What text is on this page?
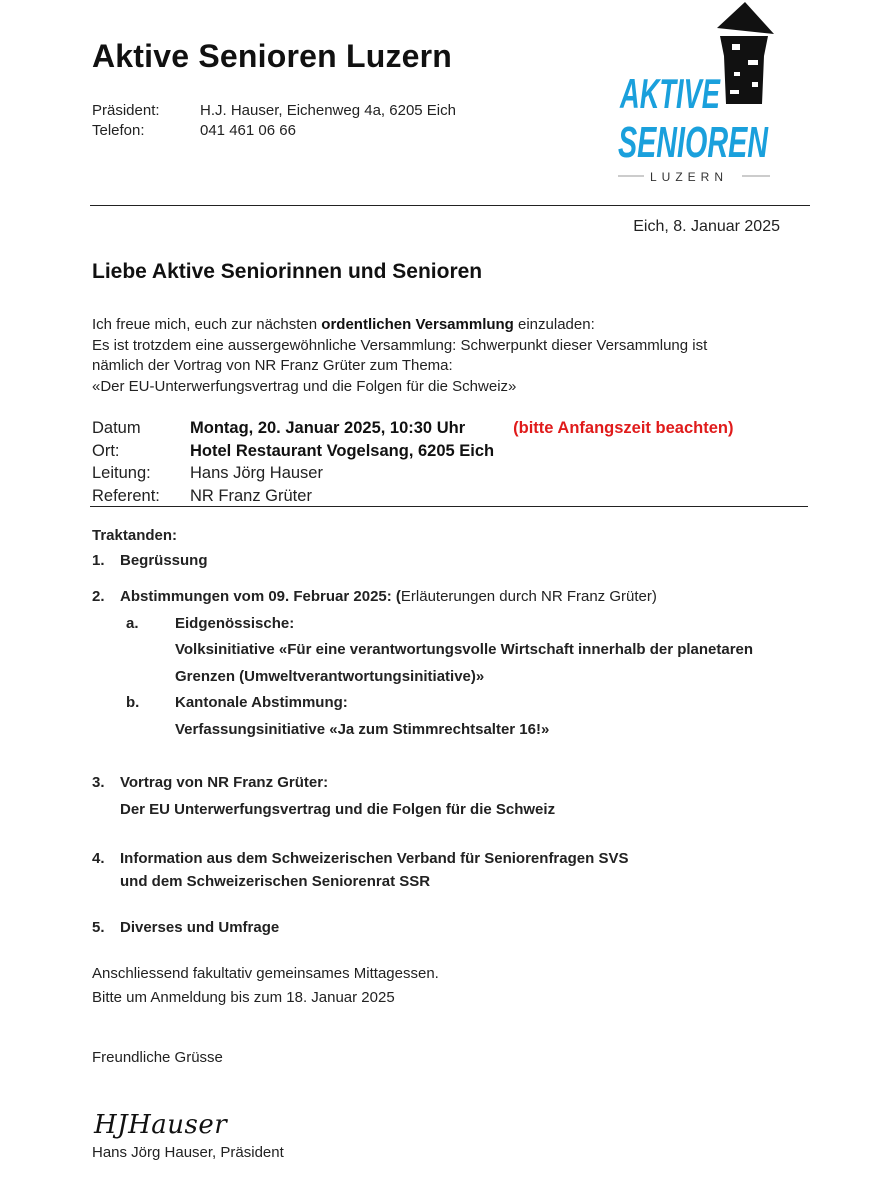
Aktive Senioren Luzern
Präsident:	H.J. Hauser, Eichenweg 4a, 6205 Eich
Telefon:	041 461 06 66
AKTIVE
SENIOREN
LUZERN
Eich, 8. Januar 2025
Liebe Aktive Seniorinnen und Senioren
Ich freue mich, euch zur nächsten ordentlichen Versammlung einzuladen:
Es ist trotzdem eine aussergewöhnliche Versammlung: Schwerpunkt dieser Versammlung ist
nämlich der Vortrag von NR Franz Grüter zum Thema:
«Der EU-Unterwerfungsvertrag und die Folgen für die Schweiz»
Datum	Montag, 20. Januar 2025, 10:30 Uhr	(bitte Anfangszeit beachten)
Ort:	Hotel Restaurant Vogelsang, 6205 Eich
Leitung:	Hans Jörg Hauser
Referent:	NR Franz Grüter
Traktanden:
1. Begrüssung
2. Abstimmungen vom 09. Februar 2025: (Erläuterungen durch NR Franz Grüter)
a. Eidgenössische:
Volksinitiative «Für eine verantwortungsvolle Wirtschaft innerhalb der planetaren
Grenzen (Umweltverantwortungsinitiative)»
b. Kantonale Abstimmung:
Verfassungsinitiative «Ja zum Stimmrechtsalter 16!»
3. Vortrag von NR Franz Grüter:
Der EU Unterwerfungsvertrag und die Folgen für die Schweiz
4. Information aus dem Schweizerischen Verband für Seniorenfragen SVS
und dem Schweizerischen Seniorenrat SSR
5. Diverses und Umfrage
Anschliessend fakultativ gemeinsames Mittagessen.
Bitte um Anmeldung bis zum 18. Januar 2025
Freundliche Grüsse
HJHauser
Hans Jörg Hauser, Präsident
